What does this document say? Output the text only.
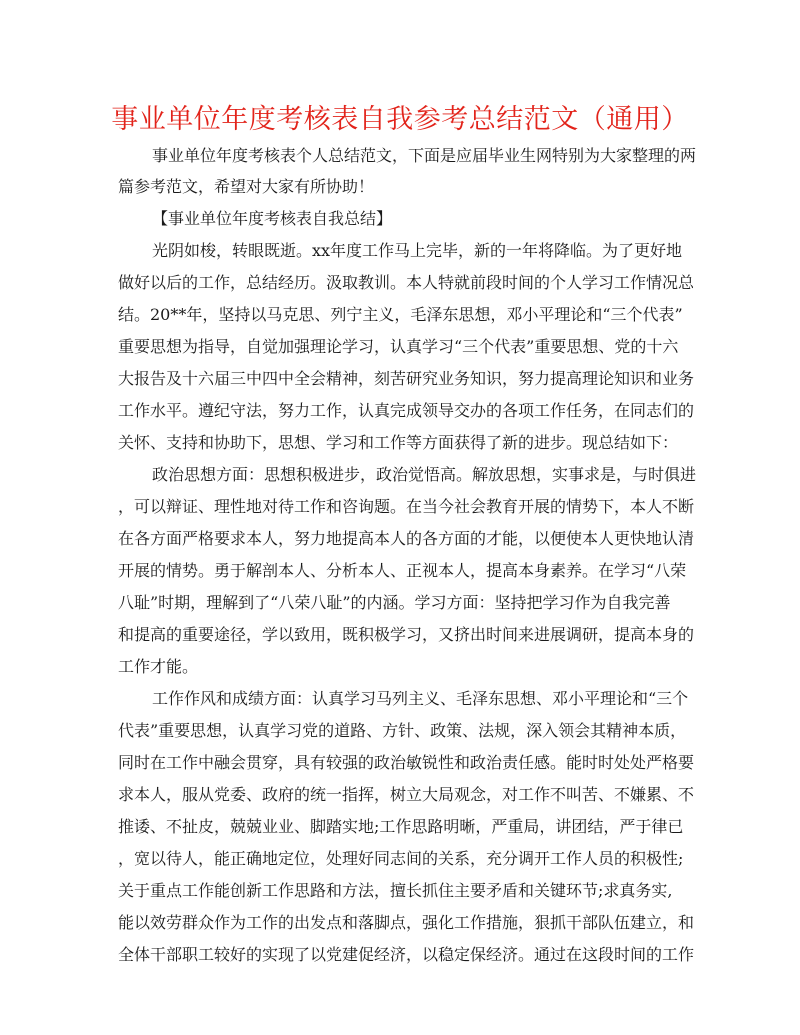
事业单位年度考核表自我参考总结范文（通用）
事业单位年度考核表个人总结范文，下面是应届毕业生网特别为大家整理的两
篇参考范文，希望对大家有所协助！
【事业单位年度考核表自我总结】
光阴如梭，转眼既逝。xx年度工作马上完毕，新的一年将降临。为了更好地
做好以后的工作，总结经历。汲取教训。本人特就前段时间的个人学习工作情况总
结。20**年，坚持以马克思、列宁主义，毛泽东思想，邓小平理论和“三个代表”
重要思想为指导，自觉加强理论学习，认真学习“三个代表”重要思想、党的十六
大报告及十六届三中四中全会精神，刻苦研究业务知识，努力提高理论知识和业务
工作水平。遵纪守法，努力工作，认真完成领导交办的各项工作任务，在同志们的
关怀、支持和协助下，思想、学习和工作等方面获得了新的进步。现总结如下：
政治思想方面：思想积极进步，政治觉悟高。解放思想，实事求是，与时俱进
，可以辩证、理性地对待工作和咨询题。在当今社会教育开展的情势下，本人不断
在各方面严格要求本人，努力地提高本人的各方面的才能，以便使本人更快地认清
开展的情势。勇于解剖本人、分析本人、正视本人，提高本身素养。在学习“八荣
八耻”时期，理解到了“八荣八耻”的内涵。学习方面：坚持把学习作为自我完善
和提高的重要途径，学以致用，既积极学习，又挤出时间来进展调研，提高本身的
工作才能。
工作作风和成绩方面：认真学习马列主义、毛泽东思想、邓小平理论和“三个
代表”重要思想，认真学习党的道路、方针、政策、法规，深入领会其精神本质，
同时在工作中融会贯穿，具有较强的政治敏锐性和政治责任感。能时时处处严格要
求本人，服从党委、政府的统一指挥，树立大局观念，对工作不叫苦、不嫌累、不
推诿、不扯皮，兢兢业业、脚踏实地;工作思路明晰，严重局，讲团结，严于律已
，宽以待人，能正确地定位，处理好同志间的关系，充分调开工作人员的积极性;
关于重点工作能创新工作思路和方法，擅长抓住主要矛盾和关键环节;求真务实,
能以效劳群众作为工作的出发点和落脚点，强化工作措施，狠抓干部队伍建立，和
全体干部职工较好的实现了以党建促经济，以稳定保经济。通过在这段时间的工作
